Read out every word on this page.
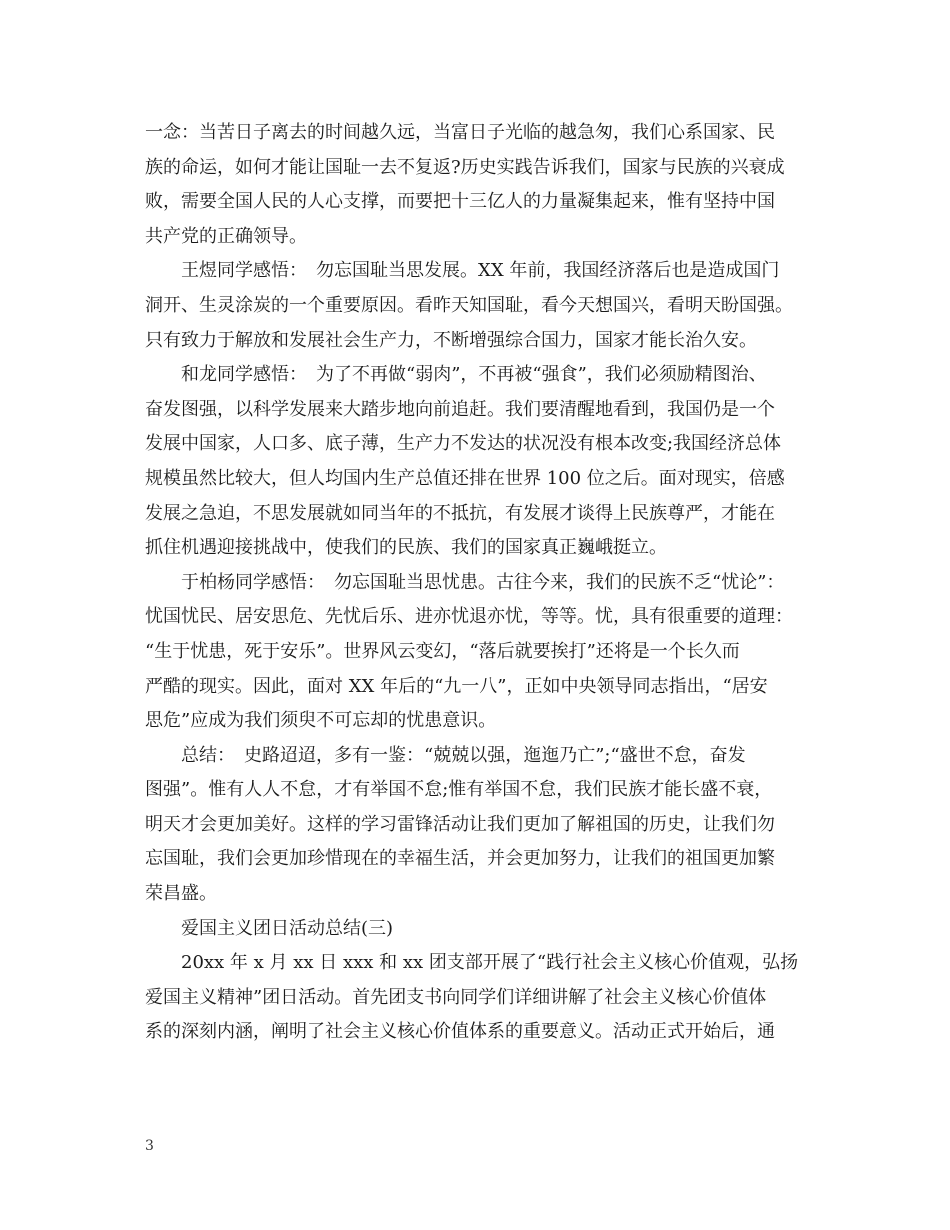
一念：当苦日子离去的时间越久远，当富日子光临的越急匆，我们心系国家、民
族的命运，如何才能让国耻一去不复返?历史实践告诉我们，国家与民族的兴衰成
败，需要全国人民的人心支撑，而要把十三亿人的力量凝集起来，惟有坚持中国
共产党的正确领导。

王煜同学感悟：　勿忘国耻当思发展。XX 年前，我国经济落后也是造成国门
洞开、生灵涂炭的一个重要原因。看昨天知国耻，看今天想国兴，看明天盼国强。
只有致力于解放和发展社会生产力，不断增强综合国力，国家才能长治久安。

和龙同学感悟：　为了不再做“弱肉”，不再被“强食”，我们必须励精图治、
奋发图强，以科学发展来大踏步地向前追赶。我们要清醒地看到，我国仍是一个
发展中国家，人口多、底子薄，生产力不发达的状况没有根本改变;我国经济总体
规模虽然比较大，但人均国内生产总值还排在世界 100 位之后。面对现实，倍感
发展之急迫，不思发展就如同当年的不抵抗，有发展才谈得上民族尊严，才能在
抓住机遇迎接挑战中，使我们的民族、我们的国家真正巍峨挺立。

于柏杨同学感悟：　勿忘国耻当思忧患。古往今来，我们的民族不乏“忧论”：
忧国忧民、居安思危、先忧后乐、进亦忧退亦忧，等等。忧，具有很重要的道理：
“生于忧患，死于安乐”。世界风云变幻，“落后就要挨打”还将是一个长久而
严酷的现实。因此，面对 XX 年后的“九一八”，正如中央领导同志指出，“居安
思危”应成为我们须臾不可忘却的忧患意识。

总结：　史路迢迢，多有一鉴：“兢兢以强，迤迤乃亡”;“盛世不怠，奋发
图强”。惟有人人不怠，才有举国不怠;惟有举国不怠，我们民族才能长盛不衰，
明天才会更加美好。这样的学习雷锋活动让我们更加了解祖国的历史，让我们勿
忘国耻，我们会更加珍惜现在的幸福生活，并会更加努力，让我们的祖国更加繁
荣昌盛。

爱国主义团日活动总结(三)

20xx 年 x 月 xx 日 xxx 和 xx 团支部开展了“践行社会主义核心价值观，弘扬
爱国主义精神”团日活动。首先团支书向同学们详细讲解了社会主义核心价值体
系的深刻内涵，阐明了社会主义核心价值体系的重要意义。活动正式开始后，通

3
